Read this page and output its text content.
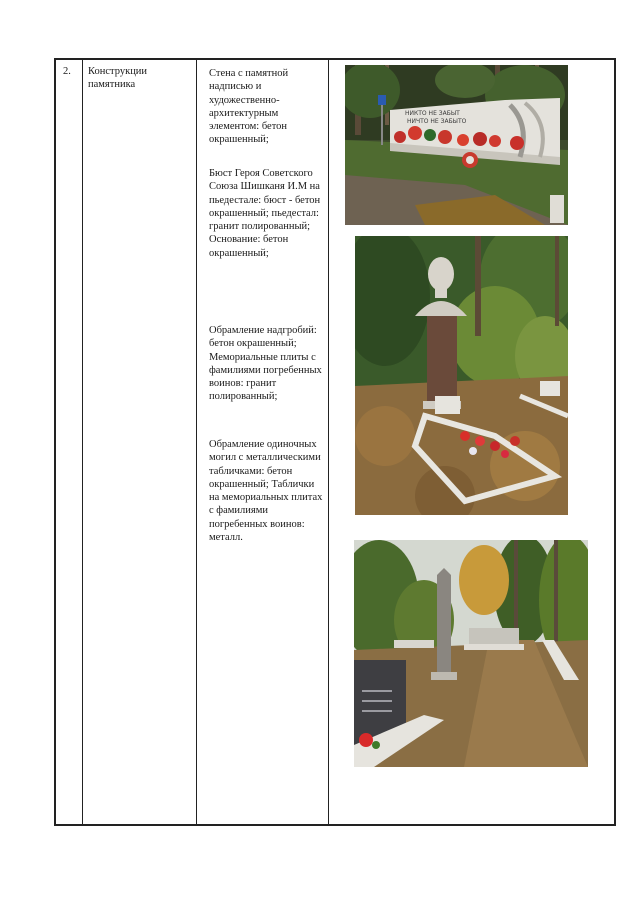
2. Конструкции памятника
Стена с памятной надписью и художественно-архитектурным элементом: бетон окрашенный;
Бюст Героя Советского Союза Шишканя И.М на пьедестале: бюст - бетон окрашенный; пьедестал: гранит полированный; Основание: бетон окрашенный;
Обрамление надгробий: бетон окрашенный; Мемориальные плиты с фамилиями погребенных воинов: гранит полированный;
Обрамление одиночных могил с металлическими табличками: бетон окрашенный; Таблички на мемориальных плитах с фамилиями погребенных воинов: металл.
НИКТО НЕ ЗАБЫТ
НИЧТО НЕ ЗАБЫТО
